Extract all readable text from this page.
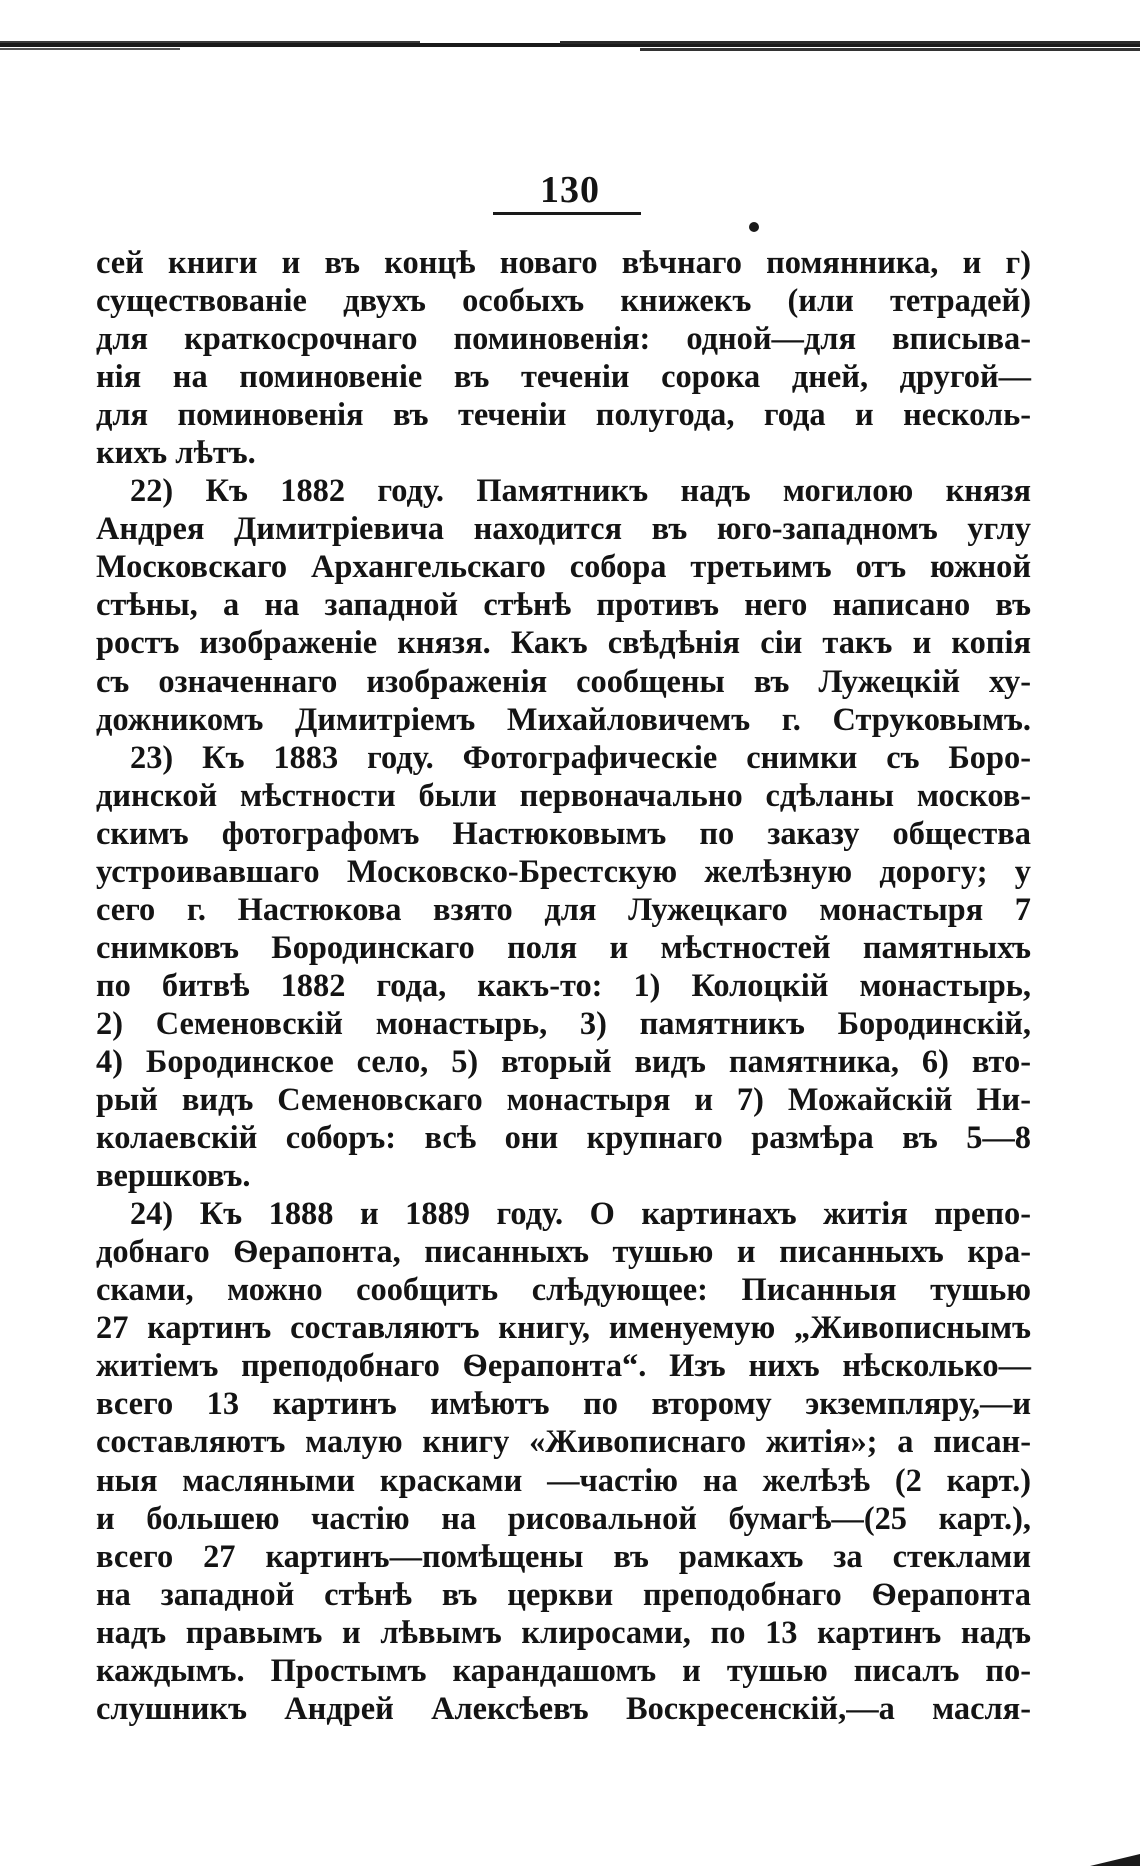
130
сей книги и въ концѣ новаго вѣчнаго помянника, и г)
существованіе двухъ особыхъ книжекъ (или тетрадей)
для краткосрочнаго поминовенія: одной—для вписыва-
нія на поминовеніе въ теченіи сорока дней, другой—
для поминовенія въ теченіи полугода, года и несколь-
кихъ лѣтъ.
22) Къ 1882 году. Памятникъ надъ могилою князя
Андрея Димитріевича находится въ юго-западномъ углу
Московскаго Архангельскаго собора третьимъ отъ южной
стѣны, а на западной стѣнѣ противъ него написано въ
ростъ изображеніе князя. Какъ свѣдѣнія сіи такъ и копія
съ означеннаго изображенія сообщены въ Лужецкій ху-
дожникомъ Димитріемъ Михайловичемъ г. Струковымъ.
23) Къ 1883 году. Фотографическіе снимки съ Боро-
динской мѣстности были первоначально сдѣланы москов-
скимъ фотографомъ Настюковымъ по заказу общества
устроивавшаго Московско-Брестскую желѣзную дорогу; у
сего г. Настюкова взято для Лужецкаго монастыря 7
снимковъ Бородинскаго поля и мѣстностей памятныхъ
по битвѣ 1882 года, какъ-то: 1) Колоцкій монастырь,
2) Семеновскій монастырь, 3) памятникъ Бородинскій,
4) Бородинское село, 5) вторый видъ памятника, 6) вто-
рый видъ Семеновскаго монастыря и 7) Можайскій Ни-
колаевскій соборъ: всѣ они крупнаго размѣра въ 5—8
вершковъ.
24) Къ 1888 и 1889 году. О картинахъ житія препо-
добнаго Ѳерапонта, писанныхъ тушью и писанныхъ кра-
сками, можно сообщить слѣдующее: Писанныя тушью
27 картинъ составляютъ книгу, именуемую „Живописнымъ
житіемъ преподобнаго Ѳерапонта“. Изъ нихъ нѣсколько—
всего 13 картинъ имѣютъ по второму экземпляру,—и
составляютъ малую книгу «Живописнаго житія»; а писан-
ныя масляными красками —частію на желѣзѣ (2 карт.)
и большею частію на рисовальной бумагѣ—(25 карт.),
всего 27 картинъ—помѣщены въ рамкахъ за стеклами
на западной стѣнѣ въ церкви преподобнаго Ѳерапонта
надъ правымъ и лѣвымъ клиросами, по 13 картинъ надъ
каждымъ. Простымъ карандашомъ и тушью писалъ по-
слушникъ Андрей Алексѣевъ Воскресенскій,—а масля-
